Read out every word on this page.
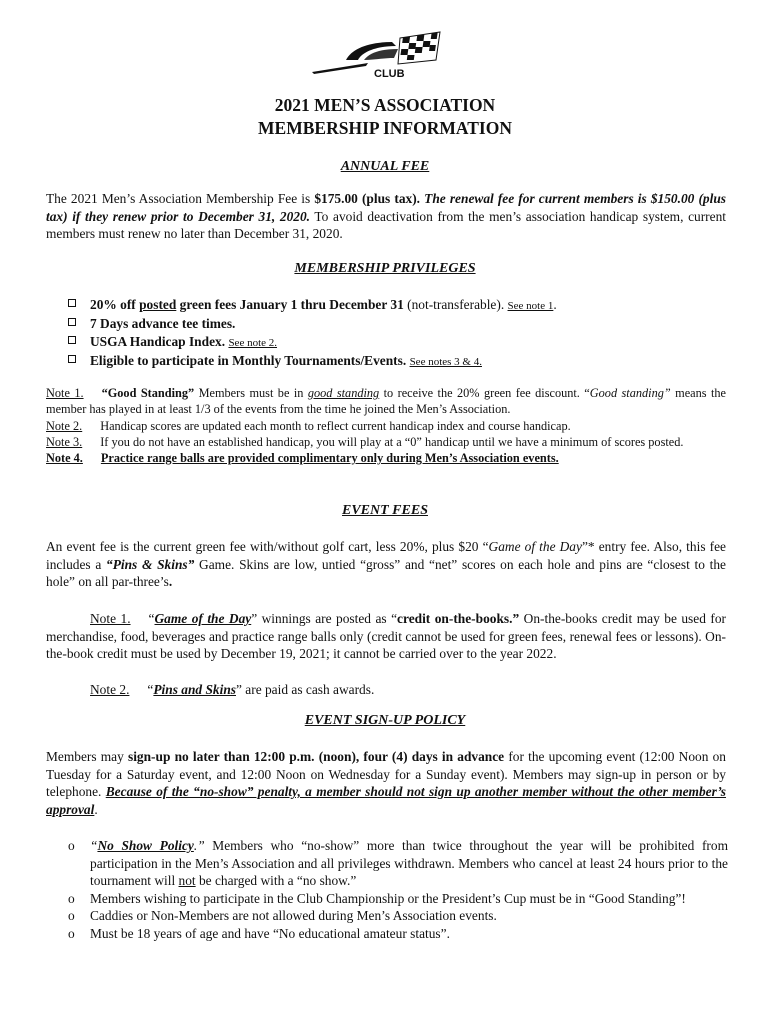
CLUB
2021 MEN’S ASSOCIATION
MEMBERSHIP INFORMATION
ANNUAL FEE
The 2021 Men’s Association Membership Fee is $175.00 (plus tax). The renewal fee for current members is $150.00 (plus tax) if they renew prior to December 31, 2020. To avoid deactivation from the men’s association handicap system, current members must renew no later than December 31, 2020.
MEMBERSHIP PRIVILEGES
20% off posted green fees January 1 thru December 31 (not-transferable). See note 1.
7 Days advance tee times.
USGA Handicap Index. See note 2.
Eligible to participate in Monthly Tournaments/Events. See notes 3 & 4.
Note 1. “Good Standing” Members must be in good standing to receive the 20% green fee discount. “Good standing” means the member has played in at least 1/3 of the events from the time he joined the Men’s Association.
Note 2. Handicap scores are updated each month to reflect current handicap index and course handicap.
Note 3. If you do not have an established handicap, you will play at a “0” handicap until we have a minimum of scores posted.
Note 4. Practice range balls are provided complimentary only during Men’s Association events.
EVENT FEES
An event fee is the current green fee with/without golf cart, less 20%, plus $20 “Game of the Day”* entry fee. Also, this fee includes a “Pins & Skins” Game. Skins are low, untied “gross” and “net” scores on each hole and pins are “closest to the hole” on all par-three’s.
Note 1. “Game of the Day” winnings are posted as “credit on-the-books.” On-the-books credit may be used for merchandise, food, beverages and practice range balls only (credit cannot be used for green fees, renewal fees or lessons). On-the-book credit must be used by December 19, 2021; it cannot be carried over to the year 2022.
Note 2. “Pins and Skins” are paid as cash awards.
EVENT SIGN-UP POLICY
Members may sign-up no later than 12:00 p.m. (noon), four (4) days in advance for the upcoming event (12:00 Noon on Tuesday for a Saturday event, and 12:00 Noon on Wednesday for a Sunday event). Members may sign-up in person or by telephone. Because of the “no-show” penalty, a member should not sign up another member without the other member’s approval.
o	“No Show Policy.” Members who “no-show” more than twice throughout the year will be prohibited from participation in the Men’s Association and all privileges withdrawn. Members who cancel at least 24 hours prior to the tournament will not be charged with a “no show.”
o	Members wishing to participate in the Club Championship or the President’s Cup must be in “Good Standing”!
o	Caddies or Non-Members are not allowed during Men’s Association events.
o	Must be 18 years of age and have “No educational amateur status”.
